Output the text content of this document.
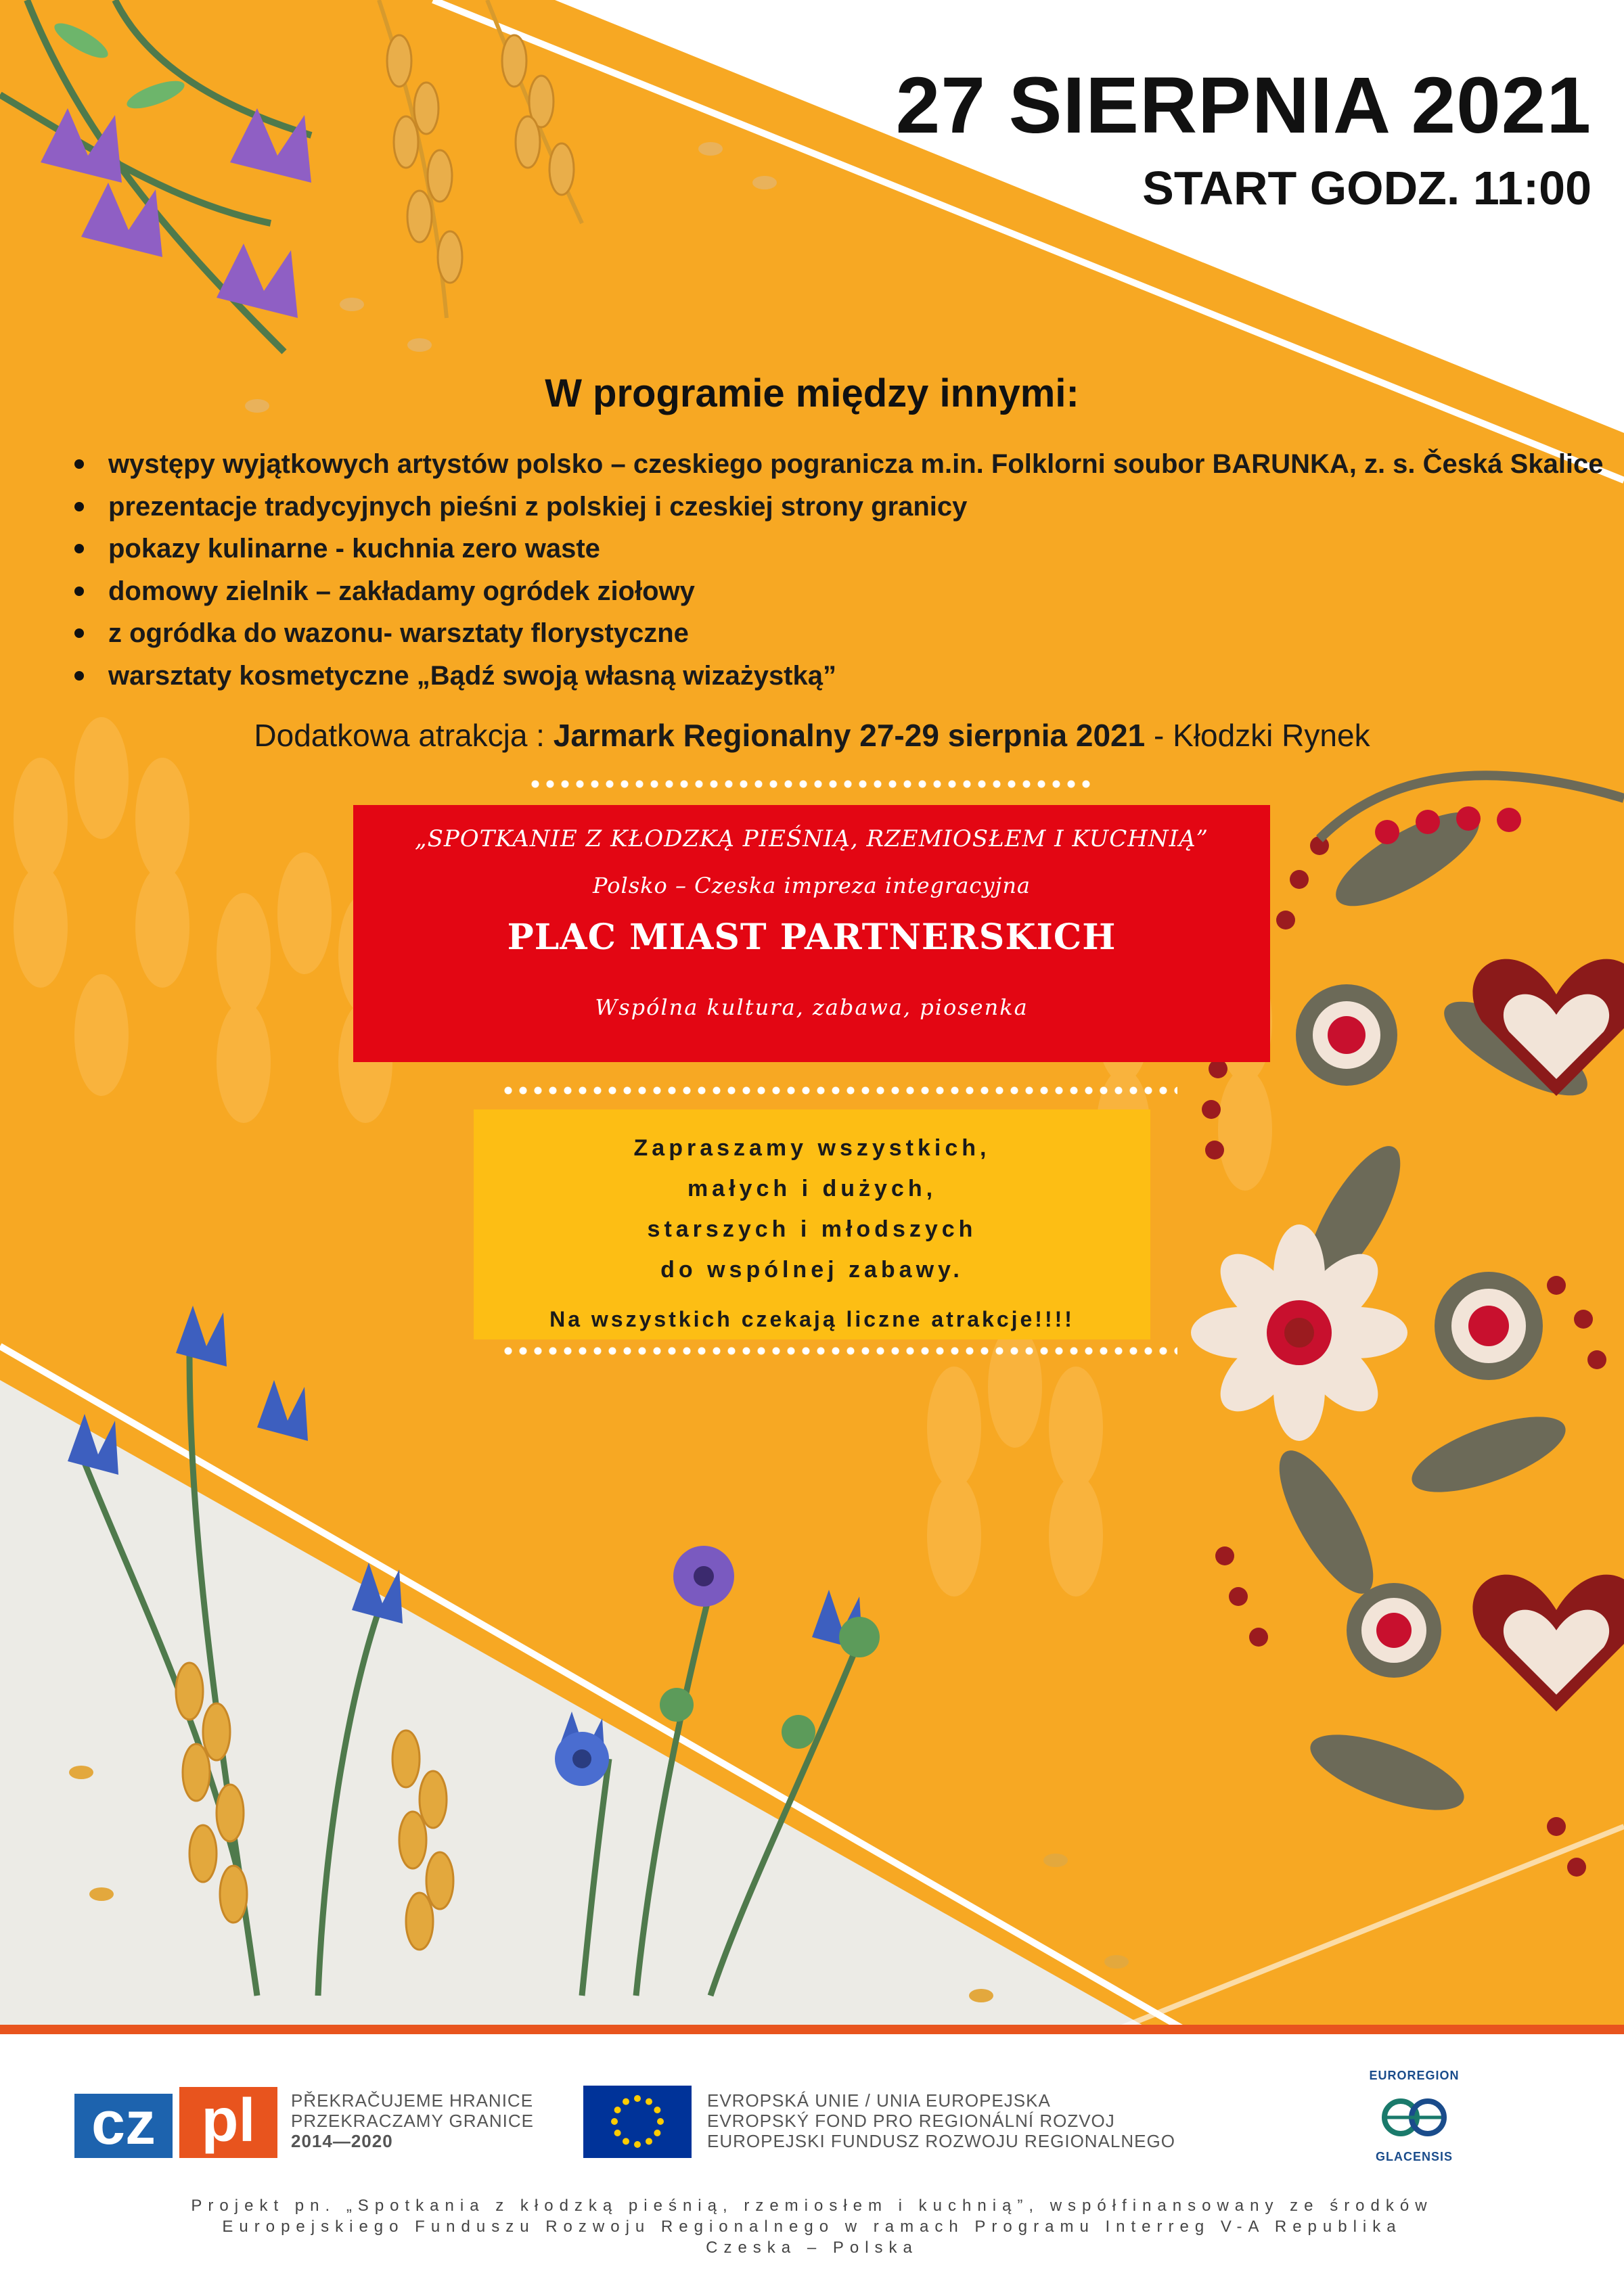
27 SIERPNIA 2021
START GODZ. 11:00
W programie między innymi:
występy wyjątkowych artystów polsko – czeskiego pogranicza m.in. Folklorni soubor BARUNKA, z. s. Česká Skalice
prezentacje tradycyjnych pieśni z polskiej i czeskiej strony granicy
pokazy kulinarne - kuchnia zero waste
domowy zielnik – zakładamy ogródek ziołowy
z ogródka do wazonu- warsztaty florystyczne
warsztaty kosmetyczne „Bądź swoją własną wizażystką”
Dodatkowa atrakcja : Jarmark Regionalny 27-29 sierpnia 2021 - Kłodzki Rynek
„SPOTKANIE Z KŁODZKĄ PIEŚNIĄ, RZEMIOSŁEM I KUCHNIĄ”
Polsko – Czeska impreza integracyjna
PLAC MIAST PARTNERSKICH
Wspólna kultura, zabawa, piosenka
Zapraszamy wszystkich,
małych i dużych,
starszych i młodszych
do wspólnej zabawy.
Na wszystkich czekają liczne atrakcje!!!!
cz pl	PŘEKRAČUJEME HRANICE
PRZEKRACZAMY GRANICE
2014—2020
EVROPSKÁ UNIE / UNIA EUROPEJSKA
EVROPSKÝ FOND PRO REGIONÁLNÍ ROZVOJ
EUROPEJSKI FUNDUSZ ROZWOJU REGIONALNEGO
EUROREGION
GLACENSIS
Projekt pn. „Spotkania z kłodzką pieśnią, rzemiosłem i kuchnią”, współfinansowany ze środków
Europejskiego Funduszu Rozwoju Regionalnego w ramach Programu Interreg V-A Republika
Czeska – Polska
